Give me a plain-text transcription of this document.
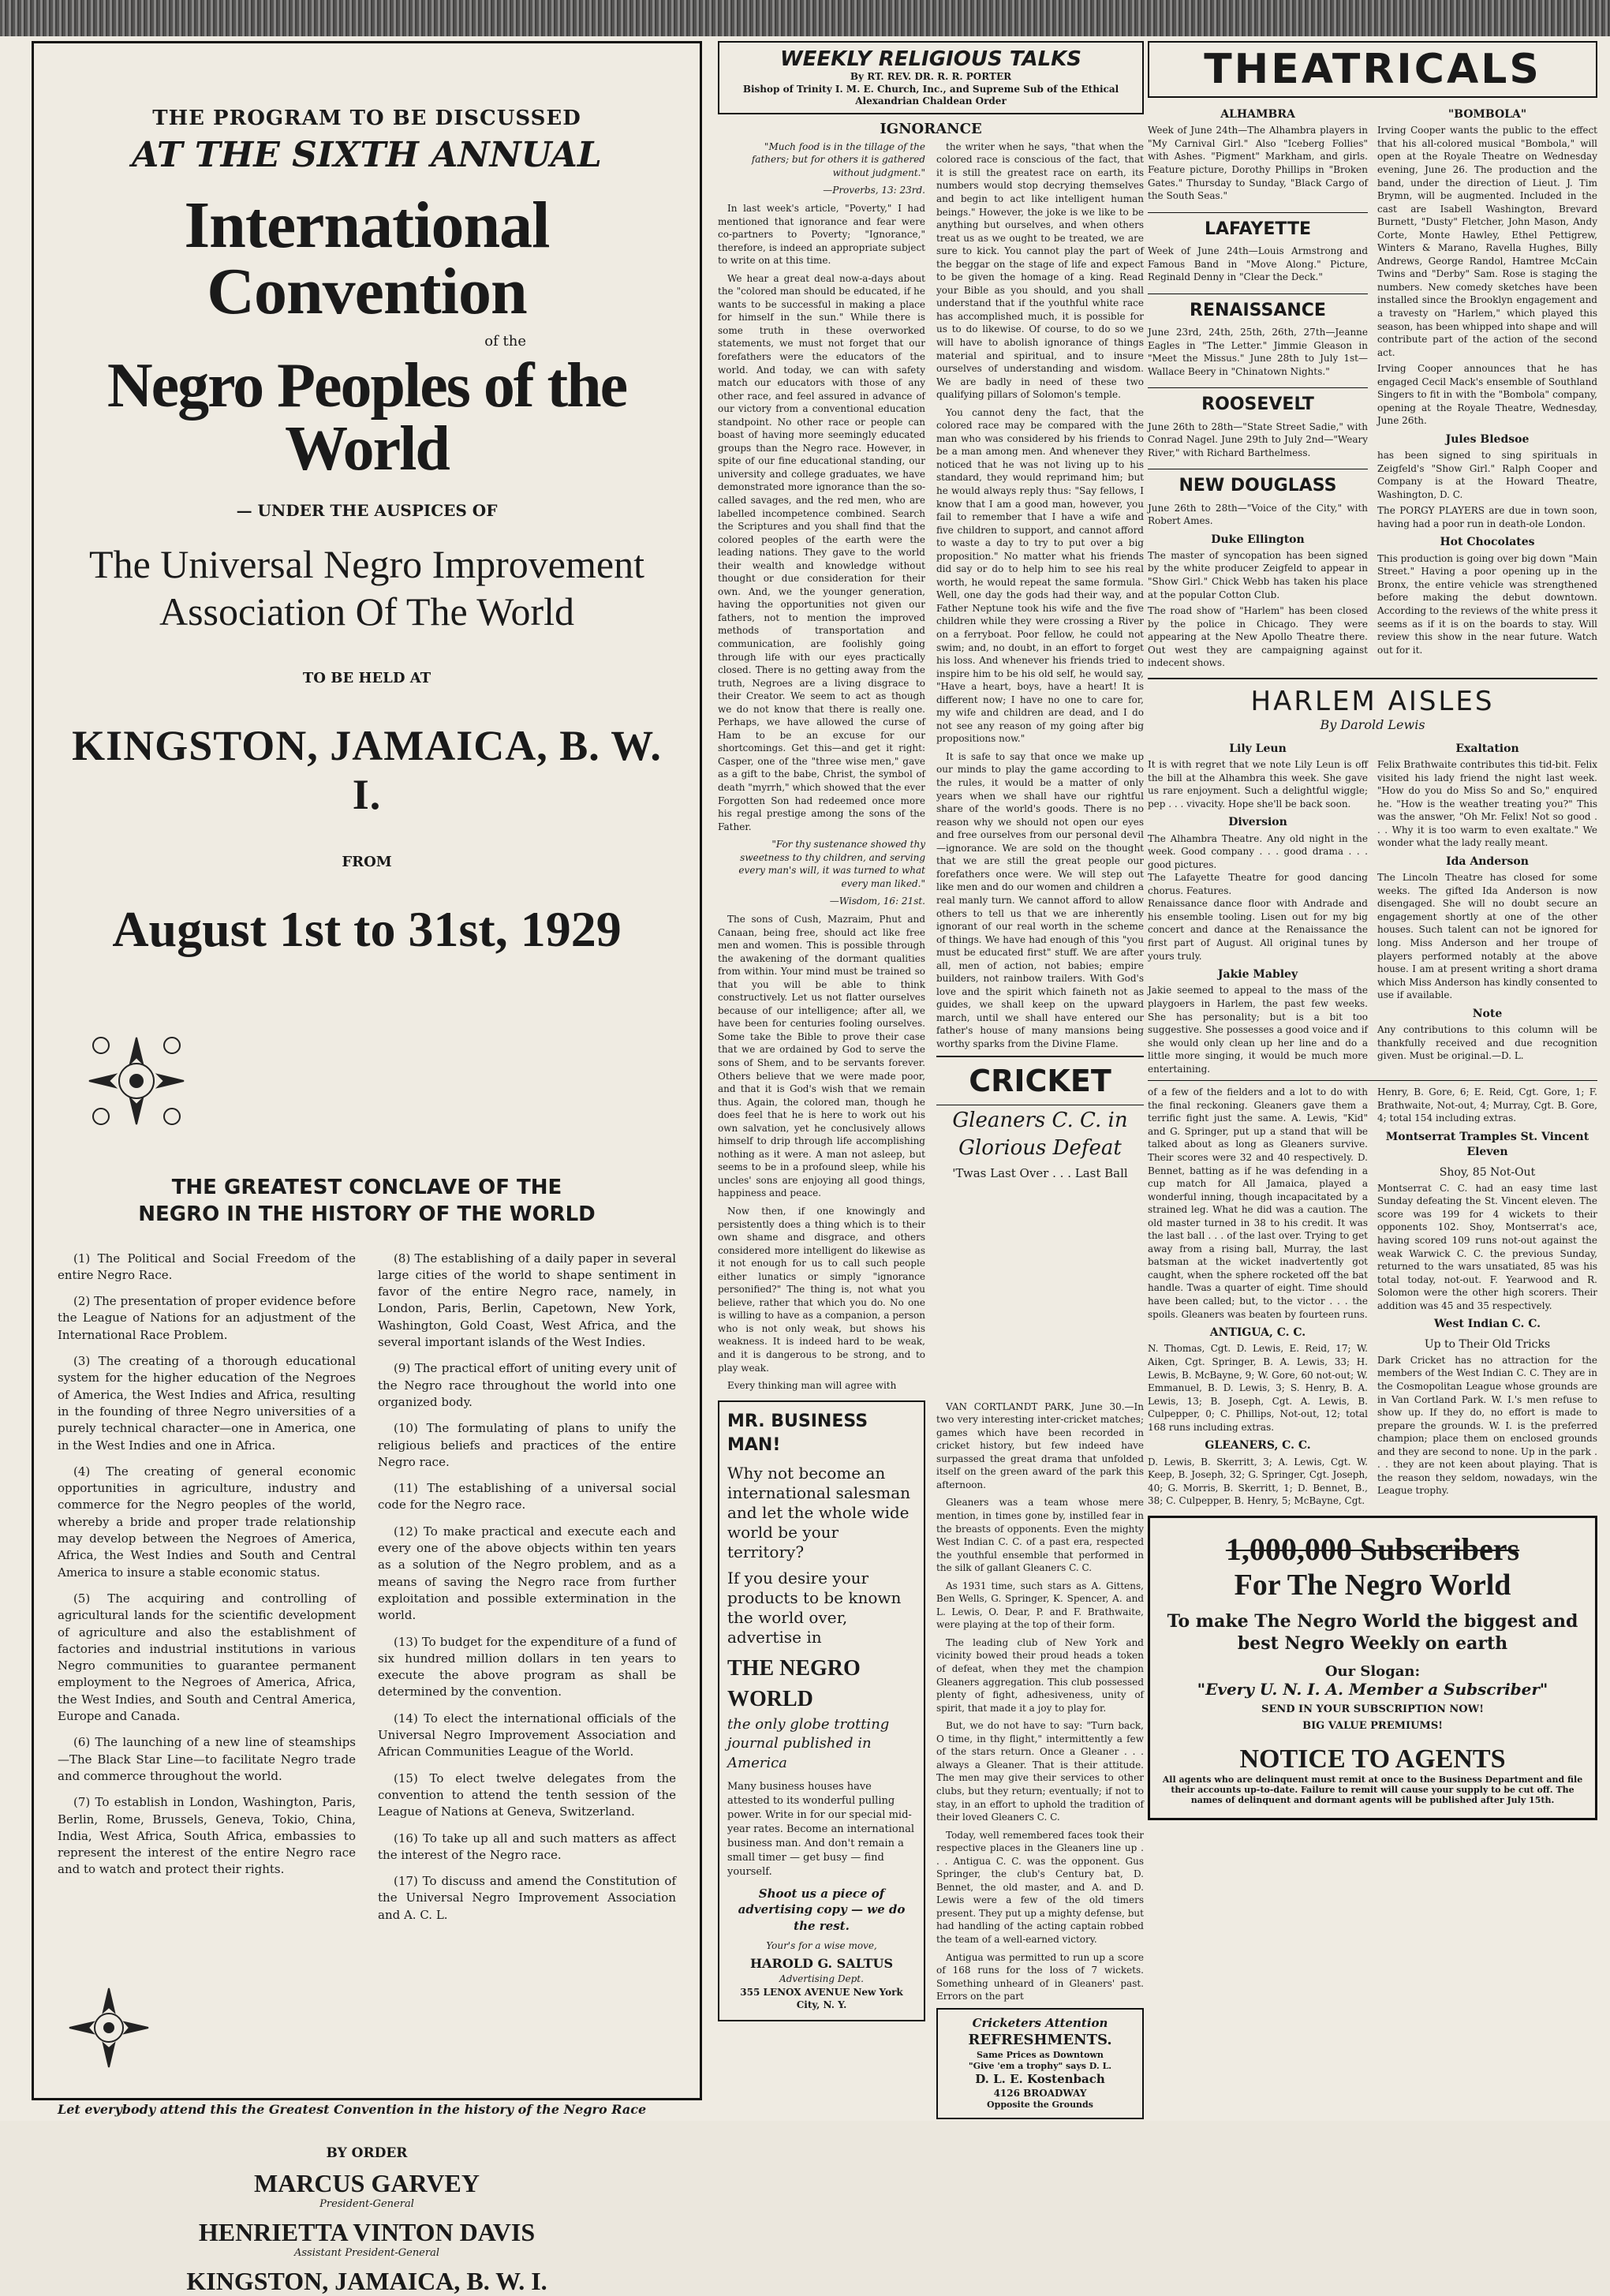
THE PROGRAM TO BE DISCUSSED
AT THE SIXTH ANNUAL
International Convention
of the
Negro Peoples of the World
— UNDER THE AUSPICES OF
The Universal Negro Improvement
Association Of The World
TO BE HELD AT
KINGSTON, JAMAICA, B. W. I.
FROM
August 1st to 31st, 1929
THE GREATEST CONCLAVE OF THE
NEGRO IN THE HISTORY OF THE WORLD

(1) The Political and Social Freedom of the entire Negro Race.

(2) The presentation of proper evidence before the League of Nations for an adjustment of the International Race Problem.

(3) The creating of a thorough educational system for the higher education of the Negroes of America, the West Indies and Africa, resulting in the founding of three Negro universities of a purely technical character—one in America, one in the West Indies and one in Africa.

(4) The creating of general economic opportunities in agriculture, industry and commerce for the Negro peoples of the world, whereby a bride and proper trade relationship may develop between the Negroes of America, Africa, the West Indies and South and Central America to insure a stable economic status.

(5) The acquiring and controlling of agricultural lands for the scientific development of agriculture and also the establishment of factories and industrial institutions in various Negro communities to guarantee permanent employment to the Negroes of America, Africa, the West Indies, and South and Central America, Europe and Canada.

(6) The launching of a new line of steamships—The Black Star Line—to facilitate Negro trade and commerce throughout the world.

(7) To establish in London, Washington, Paris, Berlin, Rome, Brussels, Geneva, Tokio, China, India, West Africa, South Africa, embassies to represent the interest of the entire Negro race and to watch and protect their rights.

(8) The establishing of a daily paper in several large cities of the world to shape sentiment in favor of the entire Negro race, namely, in London, Paris, Berlin, Capetown, New York, Washington, Gold Coast, West Africa, and the several important islands of the West Indies.

(9) The practical effort of uniting every unit of the Negro race throughout the world into one organized body.

(10) The formulating of plans to unify the religious beliefs and practices of the entire Negro race.

(11) The establishing of a universal social code for the Negro race.

(12) To make practical and execute each and every one of the above objects within ten years as a solution of the Negro problem, and as a means of saving the Negro race from further exploitation and possible extermination in the world.

(13) To budget for the expenditure of a fund of six hundred million dollars in ten years to execute the above program as shall be determined by the convention.

(14) To elect the international officials of the Universal Negro Improvement Association and African Communities League of the World.

(15) To elect twelve delegates from the convention to attend the tenth session of the League of Nations at Geneva, Switzerland.

(16) To take up all and such matters as affect the interest of the Negro race.

(17) To discuss and amend the Constitution of the Universal Negro Improvement Association and A. C. L.

Let everybody attend this the Greatest Convention in the history of the Negro Race
BY ORDER
MARCUS GARVEY
President-General
HENRIETTA VINTON DAVIS
Assistant President-General
KINGSTON, JAMAICA, B. W. I.
WEEKLY RELIGIOUS TALKS
By RT. REV. DR. R. R. PORTER
Bishop of Trinity I. M. E. Church, Inc., and Supreme Sub of the Ethical Alexandrian Chaldean Order
IGNORANCE

"Much food is in the tillage of the fathers; but for others it is gathered without judgment."

—Proverbs, 13: 23rd.

In last week's article, "Poverty," I had mentioned that ignorance and fear were co-partners to Poverty; "Ignorance," therefore, is indeed an appropriate subject to write on at this time.

We hear a great deal now-a-days about the "colored man should be educated, if he wants to be successful in making a place for himself in the sun." While there is some truth in these overworked statements, we must not forget that our forefathers were the educators of the world. And today, we can with safety match our educators with those of any other race, and feel assured in advance of our victory from a conventional education standpoint. No other race or people can boast of having more seemingly educated groups than the Negro race. However, in spite of our fine educational standing, our university and college graduates, we have demonstrated more ignorance than the so-called savages, and the red men, who are labelled incompetence combined. Search the Scriptures and you shall find that the colored peoples of the earth were the leading nations. They gave to the world their wealth and knowledge without thought or due consideration for their own. And, we the younger generation, having the opportunities not given our fathers, not to mention the improved methods of transportation and communication, are foolishly going through life with our eyes practically closed. There is no getting away from the truth, Negroes are a living disgrace to their Creator. We seem to act as though we do not know that there is really one. Perhaps, we have allowed the curse of Ham to be an excuse for our shortcomings. Get this—and get it right: Casper, one of the "three wise men," gave as a gift to the babe, Christ, the symbol of death "myrrh," which showed that the ever Forgotten Son had redeemed once more his regal prestige among the sons of the Father.

"For thy sustenance showed thy sweetness to thy children, and serving every man's will, it was turned to what every man liked."

—Wisdom, 16: 21st.

The sons of Cush, Mazraim, Phut and Canaan, being free, should act like free men and women. This is possible through the awakening of the dormant qualities from within. Your mind must be trained so that you will be able to think constructively. Let us not flatter ourselves because of our intelligence; after all, we have been for centuries fooling ourselves. Some take the Bible to prove their case that we are ordained by God to serve the sons of Shem, and to be servants forever. Others believe that we were made poor, and that it is God's wish that we remain thus. Again, the colored man, though he does feel that he is here to work out his own salvation, yet he conclusively allows himself to drip through life accomplishing nothing as it were. A man not asleep, but seems to be in a profound sleep, while his uncles' sons are enjoying all good things, happiness and peace.

Now then, if one knowingly and persistently does a thing which is to their own shame and disgrace, and others considered more intelligent do likewise as it not enough for us to call such people either lunatics or simply "ignorance personified?" The thing is, not what you believe, rather that which you do. No one is willing to have as a companion, a person who is not only weak, but shows his weakness. It is indeed hard to be weak, and it is dangerous to be strong, and to play weak.

Every thinking man will agree with

the writer when he says, "that when the colored race is conscious of the fact, that it is still the greatest race on earth, its numbers would stop decrying themselves and begin to act like intelligent human beings." However, the joke is we like to be anything but ourselves, and when others treat us as we ought to be treated, we are sure to kick. You cannot play the part of the beggar on the stage of life and expect to be given the homage of a king. Read your Bible as you should, and you shall understand that if the youthful white race has accomplished much, it is possible for us to do likewise. Of course, to do so we will have to abolish ignorance of things material and spiritual, and to insure ourselves of understanding and wisdom. We are badly in need of these two qualifying pillars of Solomon's temple.

You cannot deny the fact, that the colored race may be compared with the man who was considered by his friends to be a man among men. And whenever they noticed that he was not living up to his standard, they would reprimand him; but he would always reply thus: "Say fellows, I know that I am a good man, however, you fail to remember that I have a wife and five children to support, and cannot afford to waste a day to try to put over a big proposition." No matter what his friends did say or do to help him to see his real worth, he would repeat the same formula. Well, one day the gods had their way, and Father Neptune took his wife and the five children while they were crossing a River on a ferryboat. Poor fellow, he could not swim; and, no doubt, in an effort to forget his loss. And whenever his friends tried to inspire him to be his old self, he would say, "Have a heart, boys, have a heart! It is different now; I have no one to care for, my wife and children are dead, and I do not see any reason of my going after big propositions now."

It is safe to say that once we make up our minds to play the game according to the rules, it would be a matter of only years when we shall have our rightful share of the world's goods. There is no reason why we should not open our eyes and free ourselves from our personal devil—ignorance. We are sold on the thought that we are still the great people our forefathers once were. We will step out like men and do our women and children a real manly turn. We cannot afford to allow others to tell us that we are inherently ignorant of our real worth in the scheme of things. We have had enough of this "you must be educated first" stuff. We are after all, men of action, not babies; empire builders, not rainbow trailers. With God's love and the spirit which faineth not as guides, we shall keep on the upward march, until we shall have entered our father's house of many mansions being worthy sparks from the Divine Flame.

CRICKET
Gleaners C. C. in
Glorious Defeat
'Twas Last Over . . . Last Ball
MR. BUSINESS MAN!
Why not become an international salesman and let the whole wide world be your territory?
If you desire your products to be known the world over, advertise in
THE NEGRO WORLD
the only globe trotting journal published in America
Many business houses have attested to its wonderful pulling power. Write in for our special mid-year rates. Become an international business man. And don't remain a small timer — get busy — find yourself.
Shoot us a piece of advertising copy — we do the rest.
Your's for a wise move,
HAROLD G. SALTUS
Advertising Dept.
355 LENOX AVENUE New York City, N. Y.

VAN CORTLANDT PARK, June 30.—In two very interesting inter-cricket matches; games which have been recorded in cricket history, but few indeed have surpassed the great drama that unfolded itself on the green award of the park this afternoon.

Gleaners was a team whose mere mention, in times gone by, instilled fear in the breasts of opponents. Even the mighty West Indian C. C. of a past era, respected the youthful ensemble that performed in the silk of gallant Gleaners C. C.

As 1931 time, such stars as A. Gittens, Ben Wells, G. Springer, K. Spencer, A. and L. Lewis, O. Dear, P. and F. Brathwaite, were playing at the top of their form.

The leading club of New York and vicinity bowed their proud heads a token of defeat, when they met the champion Gleaners aggregation. This club possessed plenty of fight, adhesiveness, unity of spirit, that made it a joy to play for.

But, we do not have to say: "Turn back, O time, in thy flight," intermittently a few of the stars return. Once a Gleaner . . . always a Gleaner. That is their attitude. The men may give their services to other clubs, but they return; eventually; if not to stay, in an effort to uphold the tradition of their loved Gleaners C. C.

Today, well remembered faces took their respective places in the Gleaners line up . . . Antigua C. C. was the opponent. Gus Springer, the club's Century bat, D. Bennet, the old master, and A. and D. Lewis were a few of the old timers present. They put up a mighty defense, but had handling of the acting captain robbed the team of a well-earned victory.

Antigua was permitted to run up a score of 168 runs for the loss of 7 wickets. Something unheard of in Gleaners' past. Errors on the part

Cricketers Attention
REFRESHMENTS.
Same Prices as Downtown
"Give 'em a trophy" says D. L.
D. L. E. Kostenbach
4126 BROADWAY
Opposite the Grounds
THEATRICALS
ALHAMBRA

Week of June 24th—The Alhambra players in "My Carnival Girl." Also "Iceberg Follies" with Ashes. "Pigment" Markham, and girls. Feature picture, Dorothy Phillips in "Broken Gates." Thursday to Sunday, "Black Cargo of the South Seas."

LAFAYETTE

Week of June 24th—Louis Armstrong and Famous Band in "Move Along." Picture, Reginald Denny in "Clear the Deck."

RENAISSANCE

June 23rd, 24th, 25th, 26th, 27th—Jeanne Eagles in "The Letter." Jimmie Gleason in "Meet the Missus." June 28th to July 1st—Wallace Beery in "Chinatown Nights."

ROOSEVELT

June 26th to 28th—"State Street Sadie," with Conrad Nagel. June 29th to July 2nd—"Weary River," with Richard Barthelmess.

NEW DOUGLASS

June 26th to 28th—"Voice of the City," with Robert Ames.

Duke Ellington

The master of syncopation has been signed by the white producer Zeigfeld to appear in "Show Girl." Chick Webb has taken his place at the popular Cotton Club.

The road show of "Harlem" has been closed by the police in Chicago. They were appearing at the New Apollo Theatre there. Out west they are campaigning against indecent shows.

"BOMBOLA"

Irving Cooper wants the public to the effect that his all-colored musical "Bombola," will open at the Royale Theatre on Wednesday evening, June 26. The production and the band, under the direction of Lieut. J. Tim Brymn, will be augmented. Included in the cast are Isabell Washington, Brevard Burnett, "Dusty" Fletcher, John Mason, Andy Corte, Monte Hawley, Ethel Pettigrew, Winters & Marano, Ravella Hughes, Billy Andrews, George Randol, Hamtree McCain Twins and "Derby" Sam. Rose is staging the numbers. New comedy sketches have been installed since the Brooklyn engagement and a travesty on "Harlem," which played this season, has been whipped into shape and will contribute part of the action of the second act.

Irving Cooper announces that he has engaged Cecil Mack's ensemble of Southland Singers to fit in with the "Bombola" company, opening at the Royale Theatre, Wednesday, June 26th.

Jules Bledsoe

has been signed to sing spirituals in Zeigfeld's "Show Girl." Ralph Cooper and Company is at the Howard Theatre, Washington, D. C.

The PORGY PLAYERS are due in town soon, having had a poor run in death-ole London.

Hot Chocolates

This production is going over big down "Main Street." Having a poor opening up in the Bronx, the entire vehicle was strengthened before making the debut downtown. According to the reviews of the white press it seems as if it is on the boards to stay. Will review this show in the near future. Watch out for it.

HARLEM AISLES
By Darold Lewis
Lily Leun

It is with regret that we note Lily Leun is off the bill at the Alhambra this week. She gave us rare enjoyment. Such a delightful wiggle; pep . . . vivacity. Hope she'll be back soon.

Diversion

The Alhambra Theatre. Any old night in the week. Good company . . . good drama . . . good pictures.

The Lafayette Theatre for good dancing chorus. Features.

Renaissance dance floor with Andrade and his ensemble tooling. Lisen out for my big concert and dance at the Renaissance the first part of August. All original tunes by yours truly.

Jakie Mabley

Jakie seemed to appeal to the mass of the playgoers in Harlem, the past few weeks. She has personality; but is a bit too suggestive. She possesses a good voice and if she would only clean up her line and do a little more singing, it would be much more entertaining.

Exaltation

Felix Brathwaite contributes this tid-bit. Felix visited his lady friend the night last week. "How do you do Miss So and So," enquired he. "How is the weather treating you?" This was the answer, "Oh Mr. Felix! Not so good . . . Why it is too warm to even exaltate." We wonder what the lady really meant.

Ida Anderson

The Lincoln Theatre has closed for some weeks. The gifted Ida Anderson is now disengaged. She will no doubt secure an engagement shortly at one of the other houses. Such talent can not be ignored for long. Miss Anderson and her troupe of players performed notably at the above house. I am at present writing a short drama which Miss Anderson has kindly consented to use if available.

Note

Any contributions to this column will be thankfully received and due recognition given. Must be original.—D. L.

of a few of the fielders and a lot to do with the final reckoning. Gleaners gave them a terrific fight just the same. A. Lewis, "Kid" and G. Springer, put up a stand that will be talked about as long as Gleaners survive. Their scores were 32 and 40 respectively. D. Bennet, batting as if he was defending in a cup match for All Jamaica, played a wonderful inning, though incapacitated by a strained leg. What he did was a caution. The old master turned in 38 to his credit. It was the last ball . . . of the last over. Trying to get away from a rising ball, Murray, the last batsman at the wicket inadvertently got caught, when the sphere rocketed off the bat handle. Twas a quarter of eight. Time should have been called; but, to the victor . . . the spoils. Gleaners was beaten by fourteen runs.

ANTIGUA, C. C.

N. Thomas, Cgt. D. Lewis, E. Reid, 17; W. Aiken, Cgt. Springer, B. A. Lewis, 33; H. Lewis, B. McBayne, 9; W. Gore, 60 not-out; W. Emmanuel, B. D. Lewis, 3; S. Henry, B. A. Lewis, 13; B. Joseph, Cgt. A. Lewis, B. Culpepper, 0; C. Phillips, Not-out, 12; total 168 runs including extras.

GLEANERS, C. C.

D. Lewis, B. Skerritt, 3; A. Lewis, Cgt. W. Keep, B. Joseph, 32; G. Springer, Cgt. Joseph, 40; G. Morris, B. Skerritt, 1; D. Bennet, B., 38; C. Culpepper, B. Henry, 5; McBayne, Cgt.

Henry, B. Gore, 6; E. Reid, Cgt. Gore, 1; F. Brathwaite, Not-out, 4; Murray, Cgt. B. Gore, 4; total 154 including extras.

Montserrat Tramples St. Vincent Eleven
Shoy, 85 Not-Out

Montserrat C. C. had an easy time last Sunday defeating the St. Vincent eleven. The score was 199 for 4 wickets to their opponents 102. Shoy, Montserrat's ace, having scored 109 runs not-out against the weak Warwick C. C. the previous Sunday, returned to the wars unsatiated, 85 was his total today, not-out. F. Yearwood and R. Solomon were the other high scorers. Their addition was 45 and 35 respectively.

West Indian C. C.
Up to Their Old Tricks

Dark Cricket has no attraction for the members of the West Indian C. C. They are in the Cosmopolitan League whose grounds are in Van Cortland Park. W. I.'s men refuse to show up. If they do, no effort is made to prepare the grounds. W. I. is the preferred champion; place them on enclosed grounds and they are second to none. Up in the park . . . they are not keen about playing. That is the reason they seldom, nowadays, win the League trophy.

1,000,000 Subscribers
For The Negro World
To make The Negro World the biggest and best Negro Weekly on earth
Our Slogan:
"Every U. N. I. A. Member a Subscriber"
SEND IN YOUR SUBSCRIPTION NOW!
BIG VALUE PREMIUMS!
NOTICE TO AGENTS
All agents who are delinquent must remit at once to the Business Department and file their accounts up-to-date. Failure to remit will cause your supply to be cut off. The names of delinquent and dormant agents will be published after July 15th.
